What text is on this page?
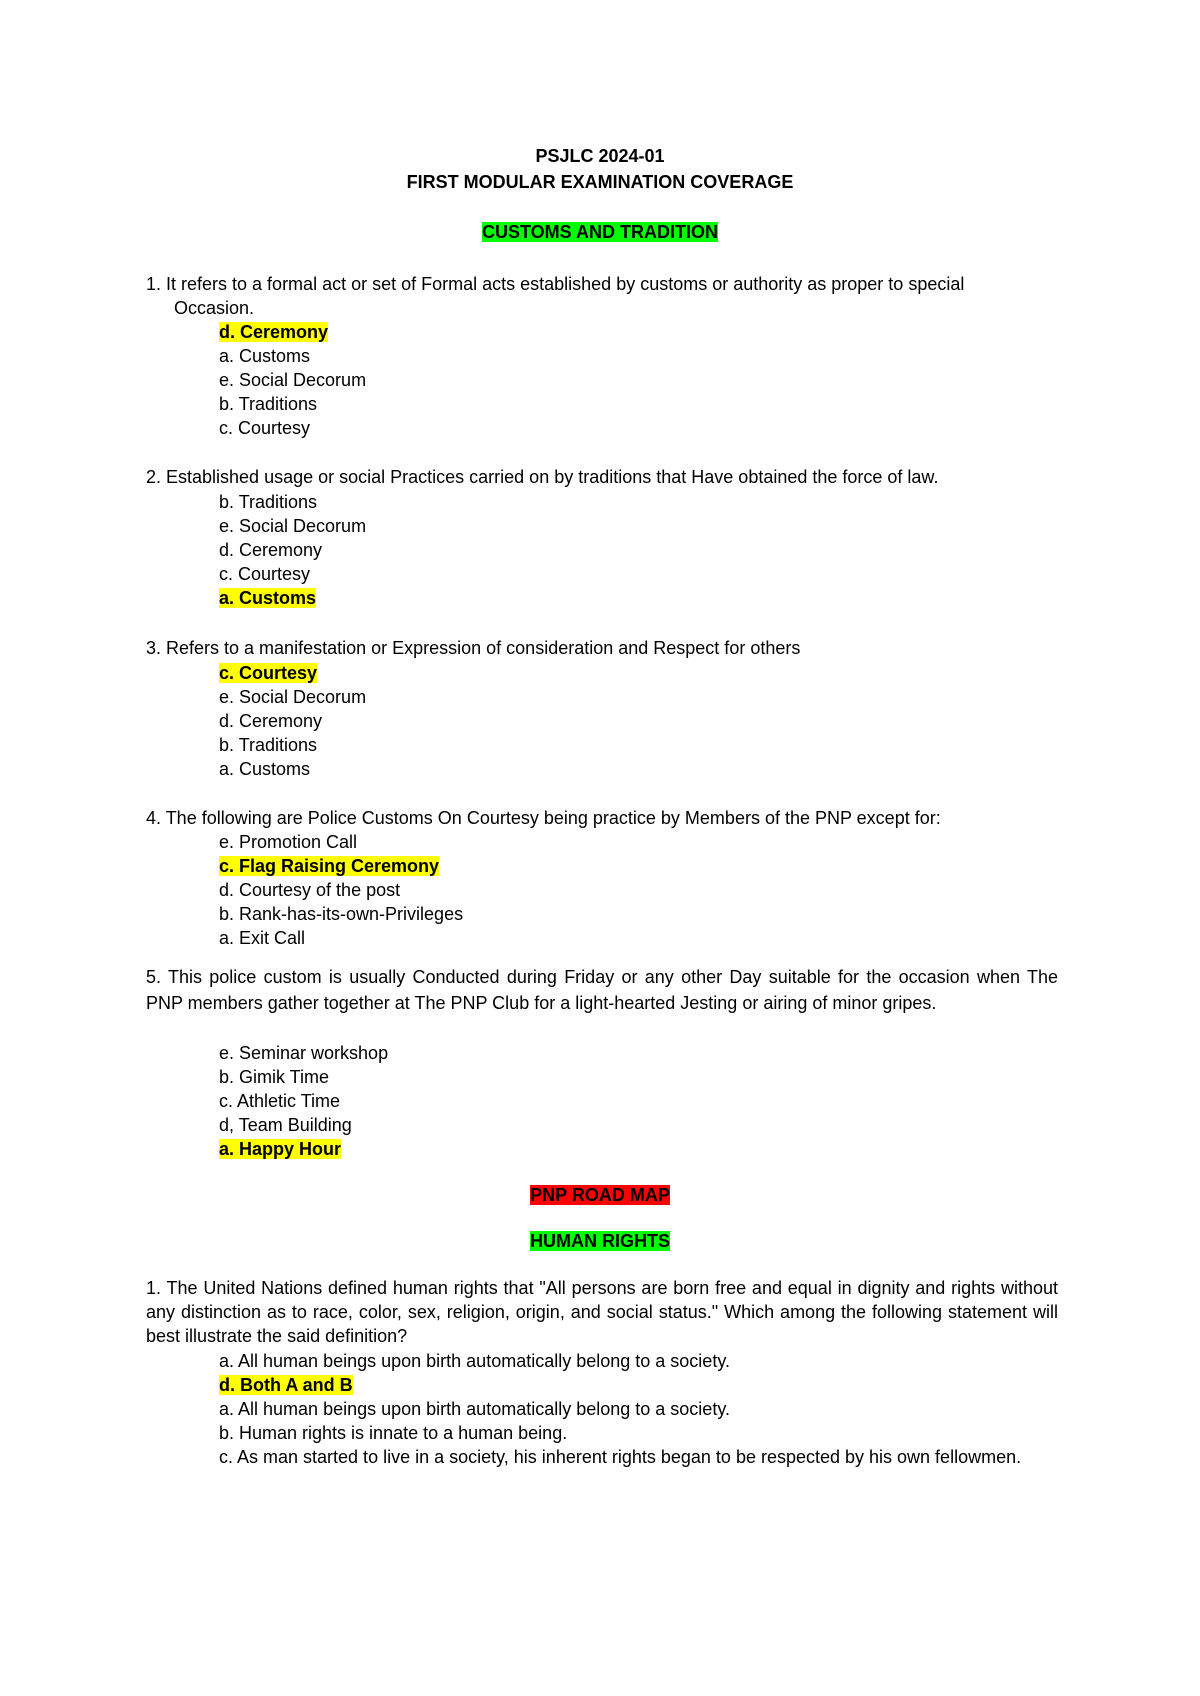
PSJLC 2024-01
FIRST MODULAR EXAMINATION COVERAGE
CUSTOMS AND TRADITION
1. It refers to a formal act or set of Formal acts established by customs or authority as proper to special
Occasion.
d. Ceremony
a. Customs
e. Social Decorum
b. Traditions
c. Courtesy
2. Established usage or social Practices carried on by traditions that Have obtained the force of law.
b. Traditions
e. Social Decorum
d. Ceremony
c. Courtesy
a. Customs
3. Refers to a manifestation or Expression of consideration and Respect for others
c. Courtesy
e. Social Decorum
d. Ceremony
b. Traditions
a. Customs
4. The following are Police Customs On Courtesy being practice by Members of the PNP except for:
e. Promotion Call
c. Flag Raising Ceremony
d. Courtesy of the post
b. Rank-has-its-own-Privileges
a. Exit Call
5. This police custom is usually Conducted during Friday or any other Day suitable for the occasion when The PNP members gather together at The PNP Club for a light-hearted Jesting or airing of minor gripes.
e. Seminar workshop
b. Gimik Time
c. Athletic Time
d, Team Building
a. Happy Hour
PNP ROAD MAP
HUMAN RIGHTS
1. The United Nations defined human rights that "All persons are born free and equal in dignity and rights without any distinction as to race, color, sex, religion, origin, and social status." Which among the following statement will best illustrate the said definition?
a. All human beings upon birth automatically belong to a society.
d. Both A and B
a. All human beings upon birth automatically belong to a society.
b. Human rights is innate to a human being.
c. As man started to live in a society, his inherent rights began to be respected by his own fellowmen.
